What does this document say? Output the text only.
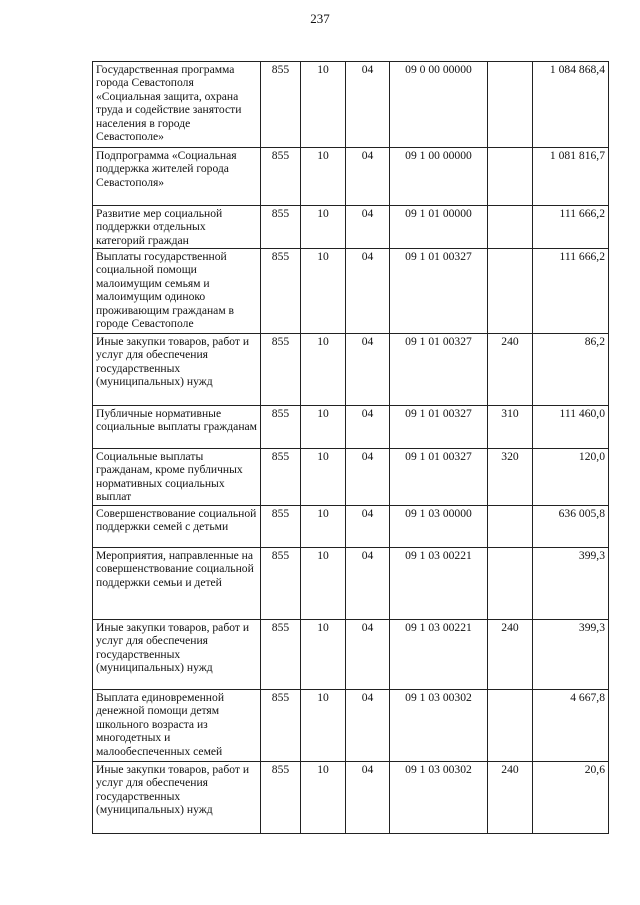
237
Государственная программа города Севастополя «Социальная защита, охрана труда и содействие занятости населения в городе Севастополе»	855	10	04	09 0 00 00000		1 084 868,4
Подпрограмма «Социальная поддержка жителей города Севастополя»	855	10	04	09 1 00 00000		1 081 816,7
Развитие мер социальной поддержки отдельных категорий граждан	855	10	04	09 1 01 00000		111 666,2
Выплаты государственной социальной помощи малоимущим семьям и малоимущим одиноко проживающим гражданам в городе Севастополе	855	10	04	09 1 01 00327		111 666,2
Иные закупки товаров, работ и услуг для обеспечения государственных (муниципальных) нужд	855	10	04	09 1 01 00327	240	86,2
Публичные нормативные социальные выплаты гражданам	855	10	04	09 1 01 00327	310	111 460,0
Социальные выплаты гражданам, кроме публичных нормативных социальных выплат	855	10	04	09 1 01 00327	320	120,0
Совершенствование социальной поддержки семей с детьми	855	10	04	09 1 03 00000		636 005,8
Мероприятия, направленные на совершенствование социальной поддержки семьи и детей	855	10	04	09 1 03 00221		399,3
Иные закупки товаров, работ и услуг для обеспечения государственных (муниципальных) нужд	855	10	04	09 1 03 00221	240	399,3
Выплата единовременной денежной помощи детям школьного возраста из многодетных и малообеспеченных семей	855	10	04	09 1 03 00302		4 667,8
Иные закупки товаров, работ и услуг для обеспечения государственных (муниципальных) нужд	855	10	04	09 1 03 00302	240	20,6
